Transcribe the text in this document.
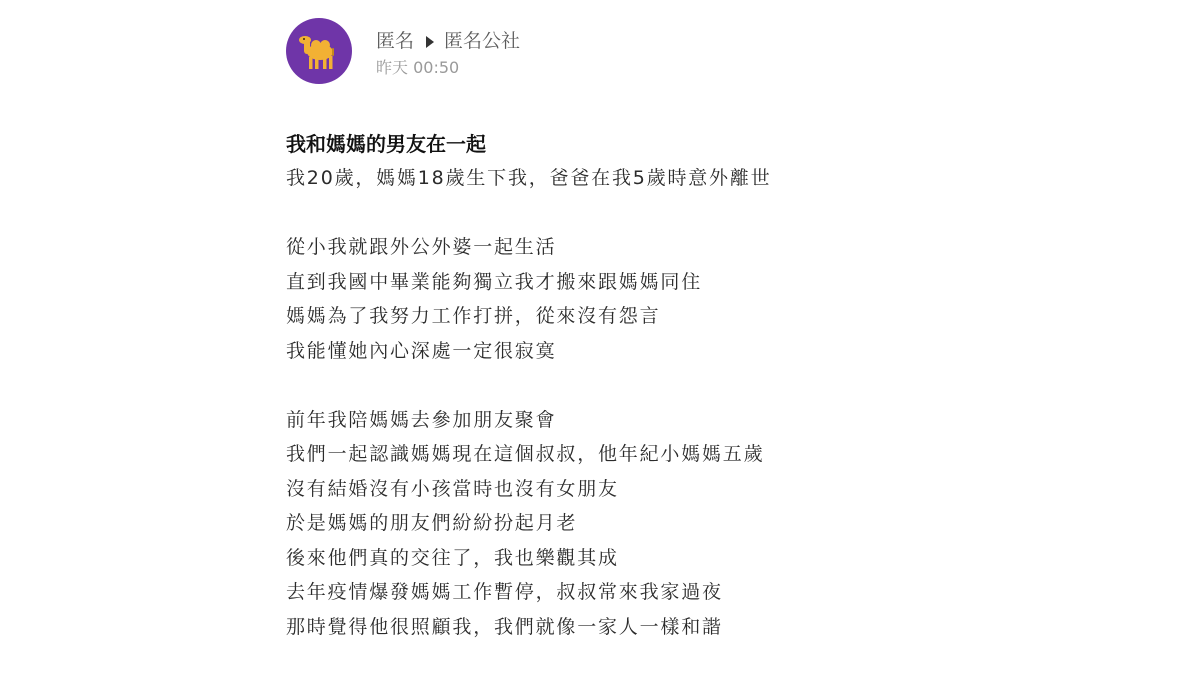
匿名 匿名公社
昨天 00:50
我和媽媽的男友在一起

我20歲，媽媽18歲生下我，爸爸在我5歲時意外離世

從小我就跟外公外婆一起生活

直到我國中畢業能夠獨立我才搬來跟媽媽同住

媽媽為了我努力工作打拼，從來沒有怨言

我能懂她內心深處一定很寂寞

前年我陪媽媽去參加朋友聚會

我們一起認識媽媽現在這個叔叔，他年紀小媽媽五歲

沒有結婚沒有小孩當時也沒有女朋友

於是媽媽的朋友們紛紛扮起月老

後來他們真的交往了，我也樂觀其成

去年疫情爆發媽媽工作暫停，叔叔常來我家過夜

那時覺得他很照顧我，我們就像一家人一樣和諧
